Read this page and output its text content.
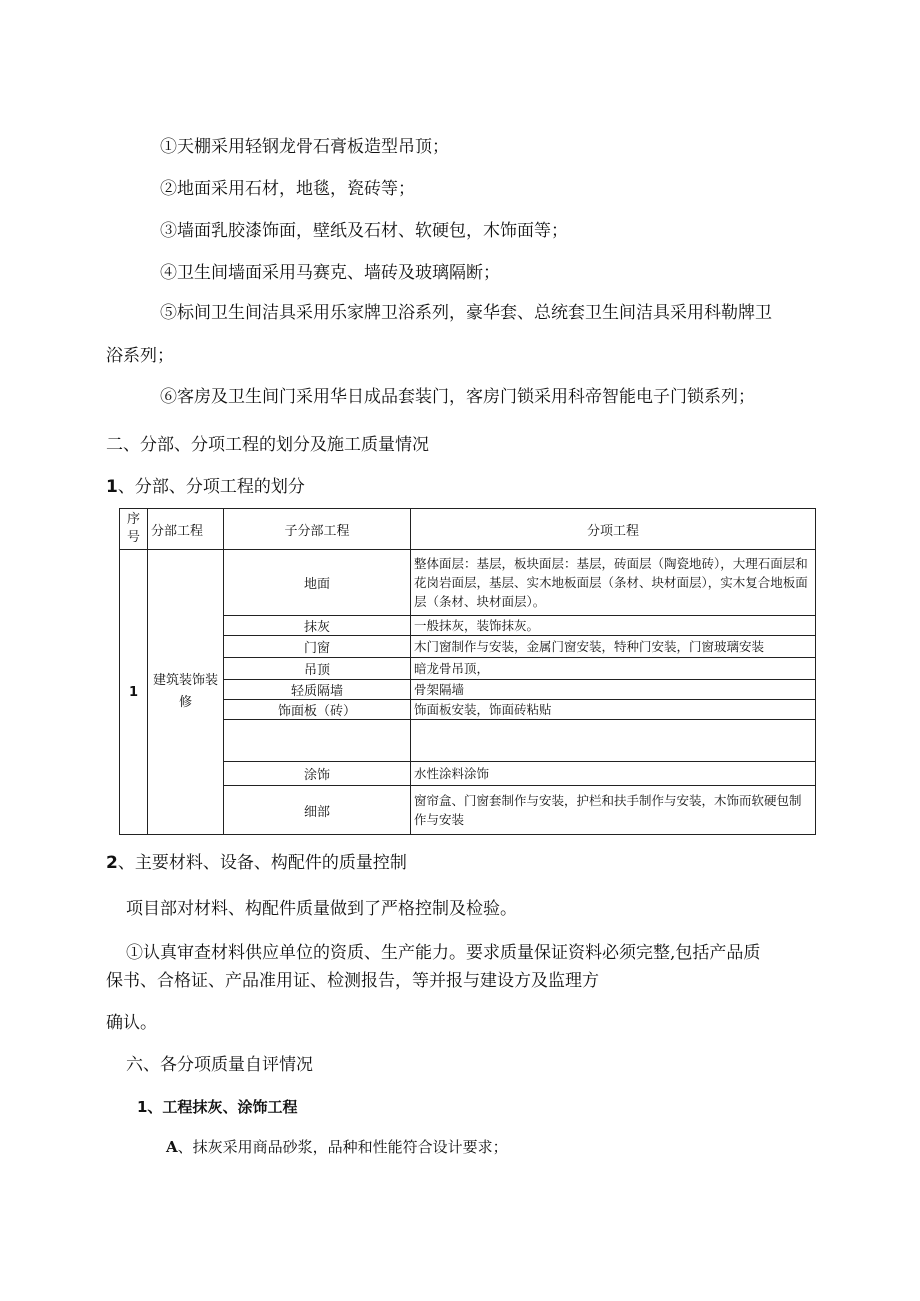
①天棚采用轻钢龙骨石膏板造型吊顶；
②地面采用石材，地毯，瓷砖等；
③墙面乳胶漆饰面，壁纸及石材、软硬包，木饰面等；
④卫生间墙面采用马赛克、墙砖及玻璃隔断；
⑤标间卫生间洁具采用乐家牌卫浴系列，豪华套、总统套卫生间洁具采用科勒牌卫
浴系列；
⑥客房及卫生间门采用华日成品套装门，客房门锁采用科帝智能电子门锁系列；
二、分部、分项工程的划分及施工质量情况
1、分部、分项工程的划分
序号	分部工程	子分部工程	分项工程
1	建筑装饰装修	地面	整体面层：基层，板块面层：基层，砖面层（陶瓷地砖），大理石面层和花岗岩面层，基层、实木地板面层（条材、块材面层），实木复合地板面层（条材、块材面层）。
		抹灰	一般抹灰，装饰抹灰。
		门窗	木门窗制作与安装，金属门窗安装，特种门安装，门窗玻璃安装
		吊顶	暗龙骨吊顶，
		轻质隔墙	骨架隔墙
		饰面板（砖）	饰面板安装，饰面砖粘贴

		涂饰	水性涂料涂饰
		细部	窗帘盒、门窗套制作与安装，护栏和扶手制作与安装，木饰而软硬包制作与安装
2、主要材料、设备、构配件的质量控制
项目部对材料、构配件质量做到了严格控制及检验。
①认真审查材料供应单位的资质、生产能力。要求质量保证资料必须完整,包括产品质
保书、合格证、产品准用证、检测报告，等并报与建设方及监理方
确认。
六、各分项质量自评情况
1、工程抹灰、涂饰工程
A、抹灰采用商品砂浆，品种和性能符合设计要求；
